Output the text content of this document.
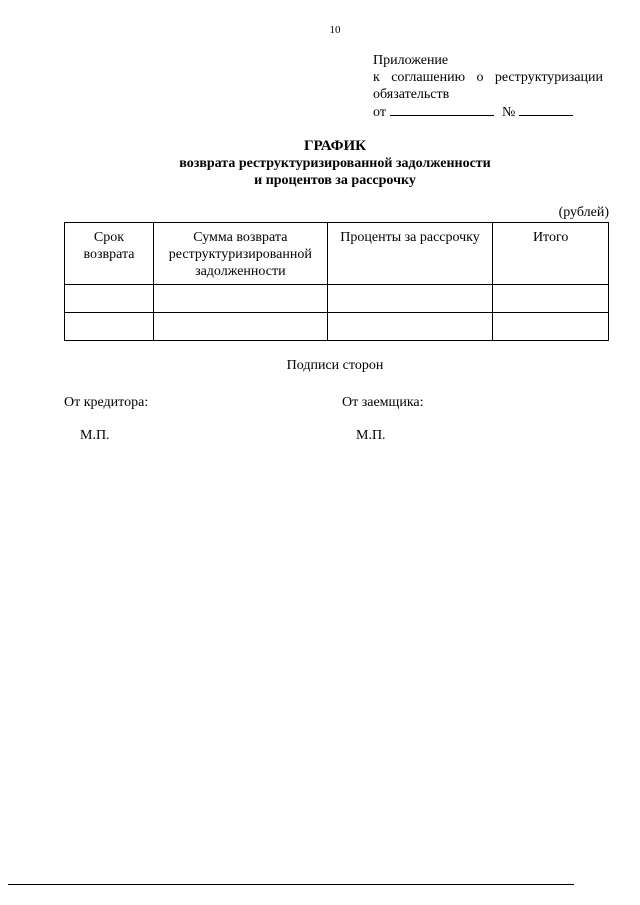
10
Приложение
к соглашению о реструктуризации
обязательств
от	№
ГРАФИК
возврата реструктуризированной задолженности
и процентов за рассрочку
(рублей)
Срок возврата	Сумма возврата реструктуризированной задолженности	Проценты за рассрочку	Итого

Подписи сторон
От кредитора:	От заемщика:
М.П.	М.П.
